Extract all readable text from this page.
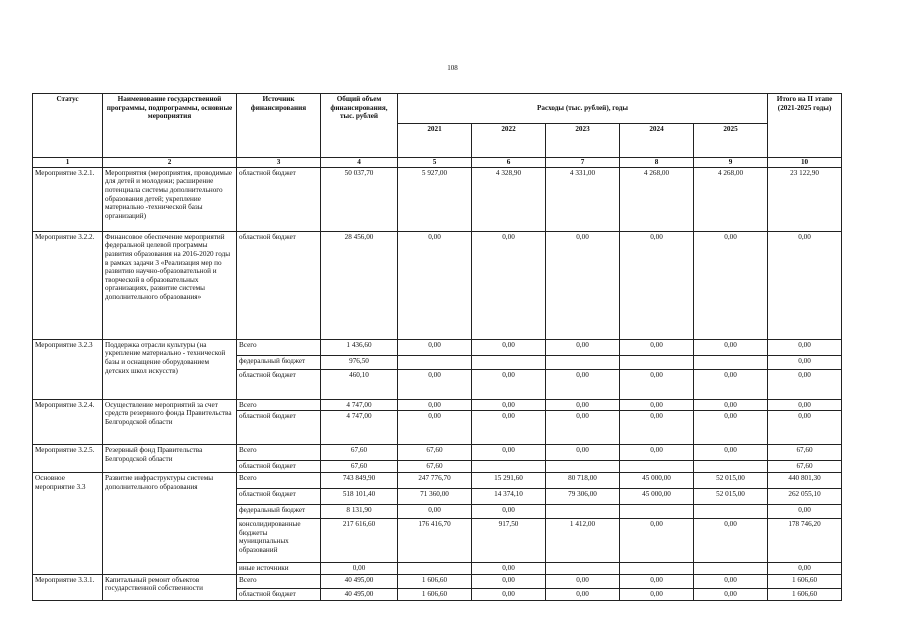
108
Статус	Наименование государственной программы, подпрограммы, основные мероприятия	Источник финансирования	Общий объем финансирования, тыс. рублей	Расходы (тыс. рублей), годы					Итого на II этапе (2021-2025 годы)
				2021	2022	2023	2024	2025	
1	2	3	4	5	6	7	8	9	10
Мероприятие 3.2.1.	Мероприятия (мероприятия, проводимые для детей и молодежи; расширение потенциала системы дополнительного образования детей; укрепление материально -технической базы организаций)	областной бюджет	50 037,70	5 927,00	4 328,90	4 331,00	4 268,00	4 268,00	23 122,90
Мероприятие 3.2.2.	Финансовое обеспечение мероприятий федеральной целевой программы развития образования на 2016-2020 годы в рамках задачи 3 «Реализация мер по развитию научно-образовательной и творческой в образовательных организациях, развитие системы дополнительного образования»	областной бюджет	28 456,00	0,00	0,00	0,00	0,00	0,00	0,00
Мероприятие 3.2.3	Поддержка отрасли культуры (на укрепление материально - технической базы и оснащение оборудованием детских школ искусств)	Всего	1 436,60	0,00	0,00	0,00	0,00	0,00	0,00
		федеральный бюджет	976,50						0,00
		областной бюджет	460,10	0,00	0,00	0,00	0,00	0,00	0,00
Мероприятие 3.2.4.	Осуществление мероприятий за счет средств резервного фонда Правительства Белгородской области	Всего	4 747,00	0,00	0,00	0,00	0,00	0,00	0,00
		областной бюджет	4 747,00	0,00	0,00	0,00	0,00	0,00	0,00
Мероприятие 3.2.5.	Резервный фонд Правительства Белгородской области	Всего	67,60	67,60	0,00	0,00	0,00	0,00	67,60
		областной бюджет	67,60	67,60					67,60
Основное мероприятие 3.3	Развитие инфраструктуры системы дополнительного образования	Всего	743 849,90	247 776,70	15 291,60	80 718,00	45 000,00	52 015,00	440 801,30
		областной бюджет	518 101,40	71 360,00	14 374,10	79 306,00	45 000,00	52 015,00	262 055,10
		федеральный бюджет	8 131,90	0,00	0,00				0,00
		консолидированные бюджеты муниципальных образований	217 616,60	176 416,70	917,50	1 412,00	0,00	0,00	178 746,20
		иные источники	0,00		0,00				0,00
Мероприятие 3.3.1.	Капитальный ремонт объектов государственной собственности	Всего	40 495,00	1 606,60	0,00	0,00	0,00	0,00	1 606,60
		областной бюджет	40 495,00	1 606,60	0,00	0,00	0,00	0,00	1 606,60
